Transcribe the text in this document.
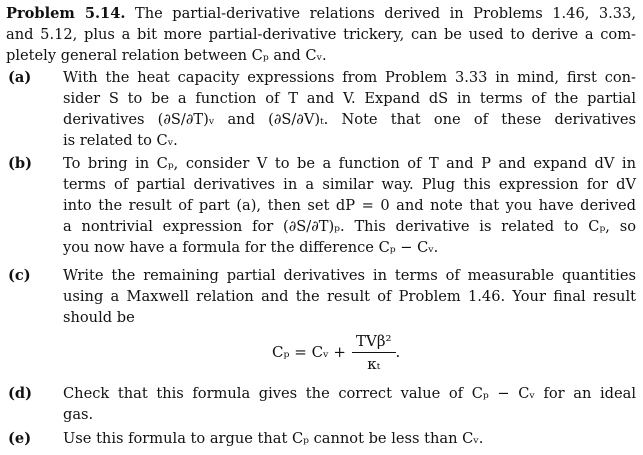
Problem 5.14. The partial-derivative relations derived in Problems 1.46, 3.33,
and 5.12, plus a bit more partial-derivative trickery, can be used to derive a com-
pletely general relation between Cₚ and Cᵥ.
(a) With the heat capacity expressions from Problem 3.33 in mind, first con-
sider S to be a function of T and V. Expand dS in terms of the partial
derivatives (∂S/∂T)ᵥ and (∂S/∂V)ₜ. Note that one of these derivatives
is related to Cᵥ.
(b) To bring in Cₚ, consider V to be a function of T and P and expand dV in
terms of partial derivatives in a similar way. Plug this expression for dV
into the result of part (a), then set dP = 0 and note that you have derived
a nontrivial expression for (∂S/∂T)ₚ. This derivative is related to Cₚ, so
you now have a formula for the difference Cₚ − Cᵥ.
(c) Write the remaining partial derivatives in terms of measurable quantities
using a Maxwell relation and the result of Problem 1.46. Your final result
should be
Cₚ = Cᵥ + $\frac{\text{TVβ²}}{\text{κₜ}}$ .
(d) Check that this formula gives the correct value of Cₚ − Cᵥ for an ideal
gas.
(e) Use this formula to argue that Cₚ cannot be less than Cᵥ.
